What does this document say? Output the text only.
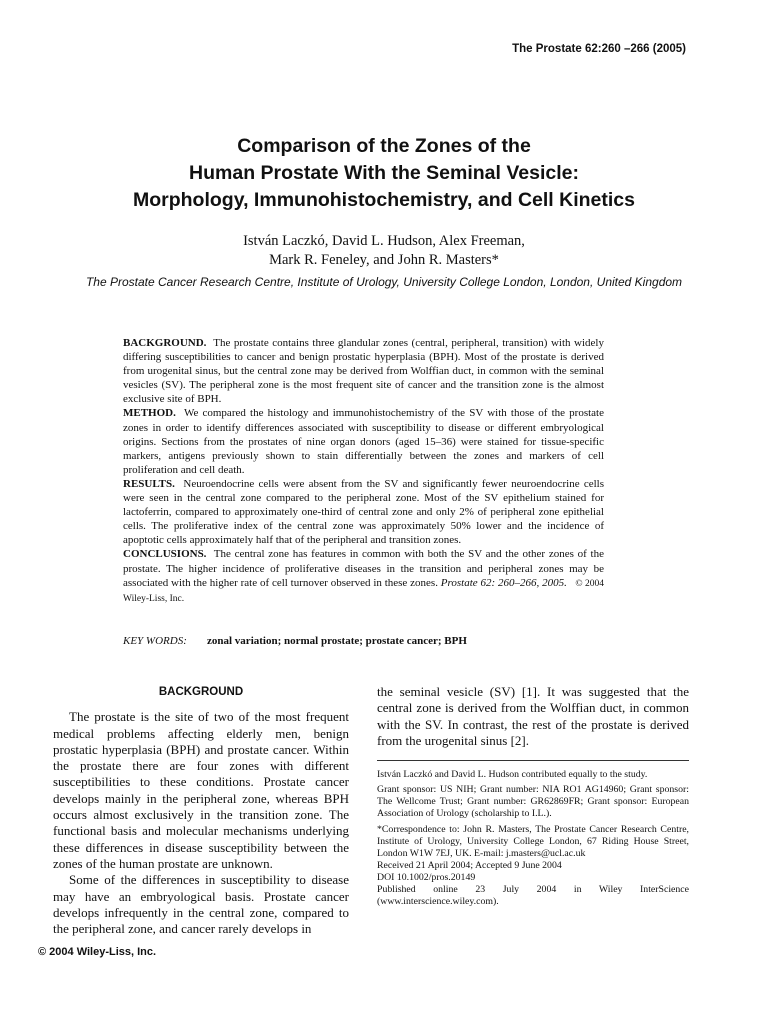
The Prostate 62:260 –266 (2005)
Comparison of the Zones of the
Human Prostate With the Seminal Vesicle:
Morphology, Immunohistochemistry, and Cell Kinetics
István Laczkó, David L. Hudson, Alex Freeman,
Mark R. Feneley, and John R. Masters*
The Prostate Cancer Research Centre, Institute of Urology, University College London, London, United Kingdom

BACKGROUND. The prostate contains three glandular zones (central, peripheral, transition) with widely differing susceptibilities to cancer and benign prostatic hyperplasia (BPH). Most of the prostate is derived from urogenital sinus, but the central zone may be derived from Wolffian duct, in common with the seminal vesicles (SV). The peripheral zone is the most frequent site of cancer and the transition zone is the almost exclusive site of BPH.

METHOD. We compared the histology and immunohistochemistry of the SV with those of the prostate zones in order to identify differences associated with susceptibility to disease or different embryological origins. Sections from the prostates of nine organ donors (aged 15–36) were stained for tissue-specific markers, antigens previously shown to stain differentially between the zones and markers of cell proliferation and cell death.

RESULTS. Neuroendocrine cells were absent from the SV and significantly fewer neuroendocrine cells were seen in the central zone compared to the peripheral zone. Most of the SV epithelium stained for lactoferrin, compared to approximately one-third of central zone and only 2% of peripheral zone epithelial cells. The proliferative index of the central zone was approximately 50% lower and the incidence of apoptotic cells approximately half that of the peripheral and transition zones.

CONCLUSIONS. The central zone has features in common with both the SV and the other zones of the prostate. The higher incidence of proliferative diseases in the transition and peripheral zones may be associated with the higher rate of cell turnover observed in these zones. Prostate 62: 260–266, 2005. © 2004 Wiley-Liss, Inc.

KEY WORDS: zonal variation; normal prostate; prostate cancer; BPH

BACKGROUND

The prostate is the site of two of the most frequent medical problems affecting elderly men, benign prostatic hyperplasia (BPH) and prostate cancer. Within the prostate there are four zones with different susceptibilities to these conditions. Prostate cancer develops mainly in the peripheral zone, whereas BPH occurs almost exclusively in the transition zone. The functional basis and molecular mechanisms underlying these differences in disease susceptibility between the zones of the human prostate are unknown.

Some of the differences in susceptibility to disease may have an embryological basis. Prostate cancer develops infrequently in the central zone, compared to the peripheral zone, and cancer rarely develops in

the seminal vesicle (SV) [1]. It was suggested that the central zone is derived from the Wolffian duct, in common with the SV. In contrast, the rest of the prostate is derived from the urogenital sinus [2].

István Laczkó and David L. Hudson contributed equally to the study.

Grant sponsor: US NIH; Grant number: NIA RO1 AG14960; Grant sponsor: The Wellcome Trust; Grant number: GR62869FR; Grant sponsor: European Association of Urology (scholarship to I.L.).

*Correspondence to: John R. Masters, The Prostate Cancer Research Centre, Institute of Urology, University College London, 67 Riding House Street, London W1W 7EJ, UK. E-mail: j.masters@ucl.ac.uk

Received 21 April 2004; Accepted 9 June 2004

DOI 10.1002/pros.20149

Published online 23 July 2004 in Wiley InterScience (www.interscience.wiley.com).

© 2004 Wiley-Liss, Inc.
